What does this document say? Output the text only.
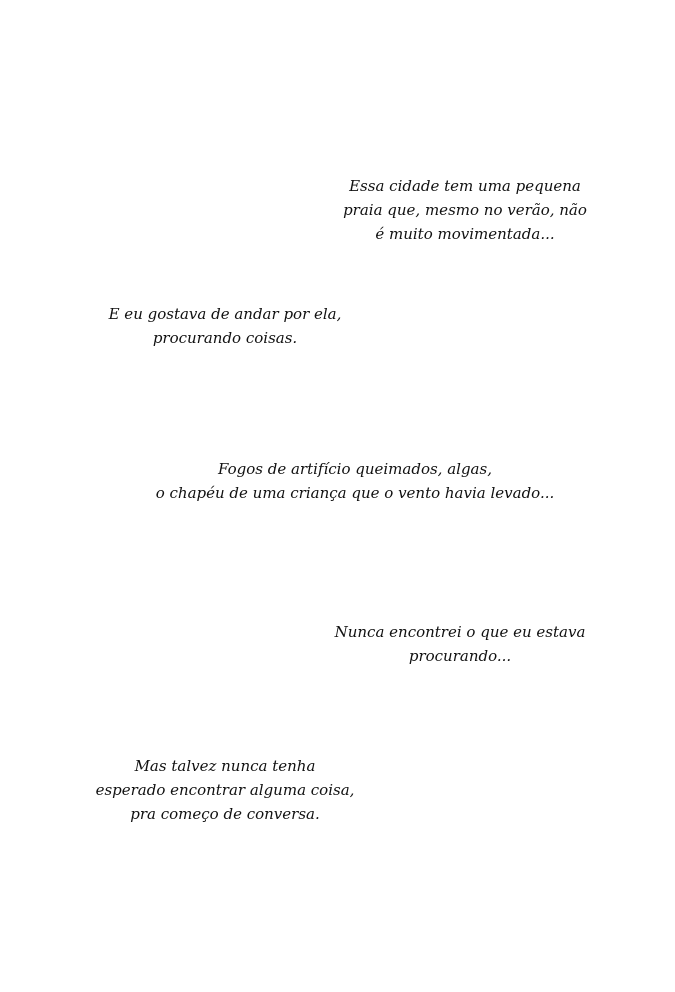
Essa cidade tem uma pequena
praia que, mesmo no verão, não
é muito movimentada...
E eu gostava de andar por ela,
procurando coisas.
Fogos de artifício queimados, algas,
o chapéu de uma criança que o vento havia levado...
Nunca encontrei o que eu estava
procurando...
Mas talvez nunca tenha
esperado encontrar alguma coisa,
pra começo de conversa.
